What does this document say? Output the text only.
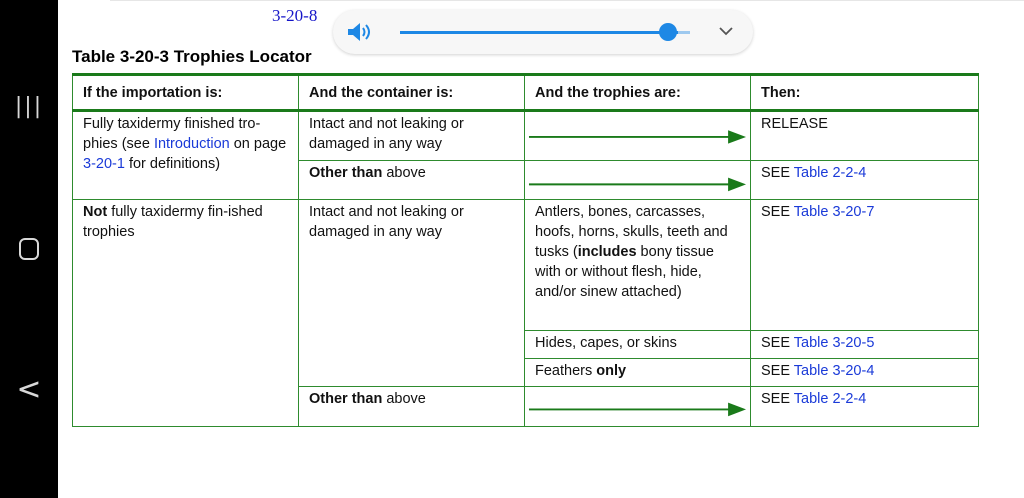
|||
<
3-20-8
Table 3-20-3 Trophies Locator
If the importation is:	And the container is:	And the trophies are:	Then:
Fully taxidermy finished tro-phies (see Introduction on page 3-20-1 for definitions)	Intact and not leaking or damaged in any way		RELEASE
	Other than above		SEE Table 2-2-4
Not fully taxidermy fin-ished trophies	Intact and not leaking or damaged in any way	Antlers, bones, carcasses, hoofs, horns, skulls, teeth and tusks (includes bony tissue with or without flesh, hide, and/or sinew attached)	SEE Table 3-20-7
		Hides, capes, or skins	SEE Table 3-20-5
		Feathers only	SEE Table 3-20-4
	Other than above		SEE Table 2-2-4
